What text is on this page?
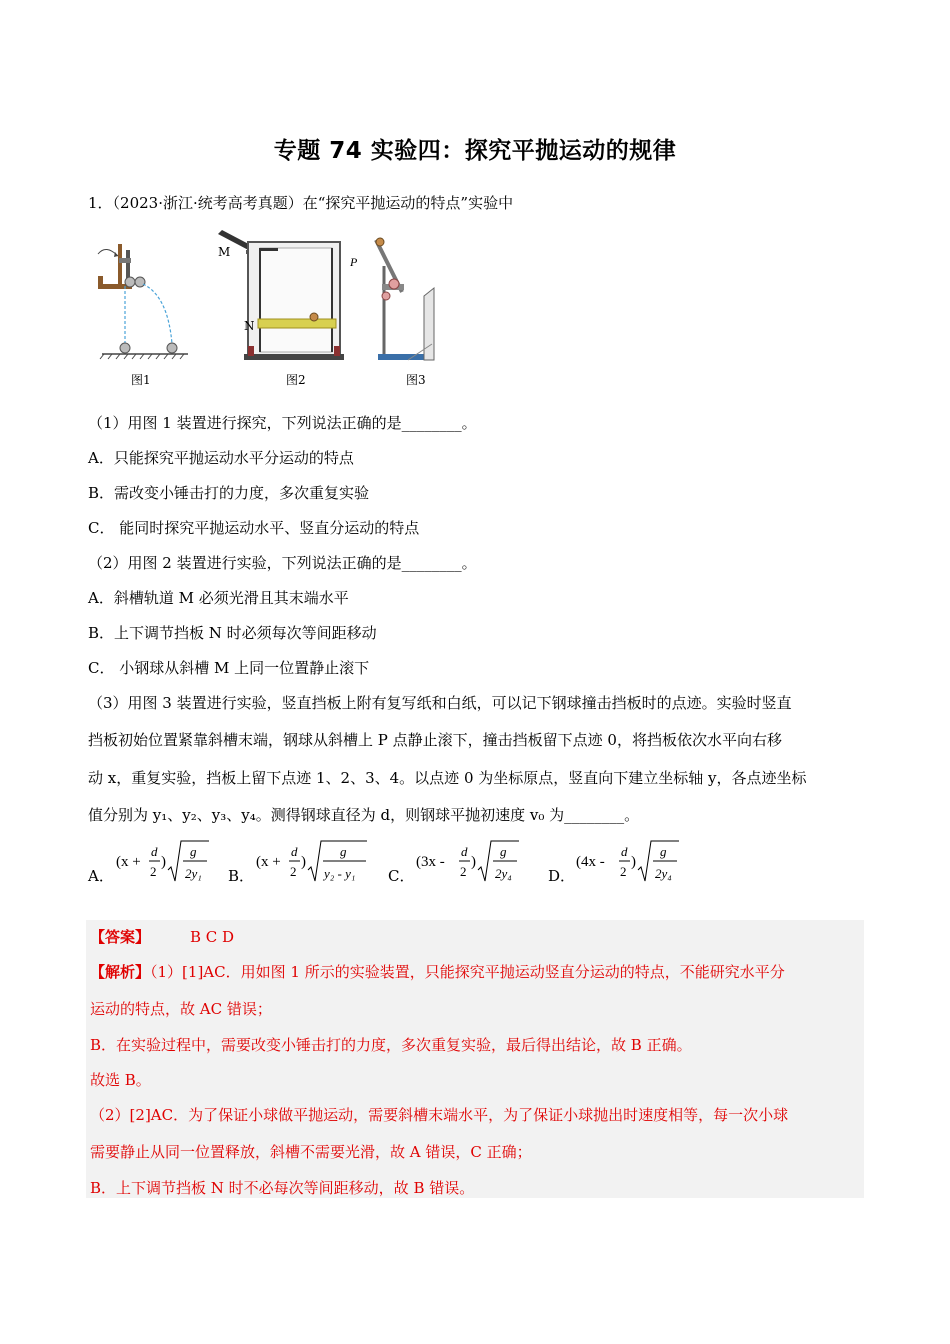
专题 74 实验四：探究平抛运动的规律
1．（2023·浙江·统考高考真题）在“探究平抛运动的特点”实验中
图1	图2	图3
M
N
P
（1）用图 1 装置进行探究，下列说法正确的是________。
A．只能探究平抛运动水平分运动的特点
B．需改变小锤击打的力度，多次重复实验
C． 能同时探究平抛运动水平、竖直分运动的特点
（2）用图 2 装置进行实验，下列说法正确的是________。
A．斜槽轨道 M 必须光滑且其末端水平
B．上下调节挡板 N 时必须每次等间距移动
C． 小钢球从斜槽 M 上同一位置静止滚下
（3）用图 3 装置进行实验，竖直挡板上附有复写纸和白纸，可以记下钢球撞击挡板时的点迹。实验时竖直
挡板初始位置紧靠斜槽末端，钢球从斜槽上 P 点静止滚下，撞击挡板留下点迹 0，将挡板依次水平向右移
动 x，重复实验，挡板上留下点迹 1、2、3、4。以点迹 0 为坐标原点，竖直向下建立坐标轴 y，各点迹坐标
值分别为 y₁、y₂、y₃、y₄。测得钢球直径为 d，则钢球平抛初速度 v₀ 为________。
A．
(x +
d
2
)
g
2y₁ B．
(x +
d
2
)
g
y₂ - y₁ C．
(3x -
d
2
)
g
2y₄ D．
(4x -
d
2
)
g
2y₄
【答案】	B C D
【解析】（1）[1]AC．用如图 1 所示的实验装置，只能探究平抛运动竖直分运动的特点，不能研究水平分
运动的特点，故 AC 错误；
B．在实验过程中，需要改变小锤击打的力度，多次重复实验，最后得出结论，故 B 正确。
故选 B。
（2）[2]AC．为了保证小球做平抛运动，需要斜槽末端水平，为了保证小球抛出时速度相等，每一次小球
需要静止从同一位置释放，斜槽不需要光滑，故 A 错误，C 正确；
B．上下调节挡板 N 时不必每次等间距移动，故 B 错误。
